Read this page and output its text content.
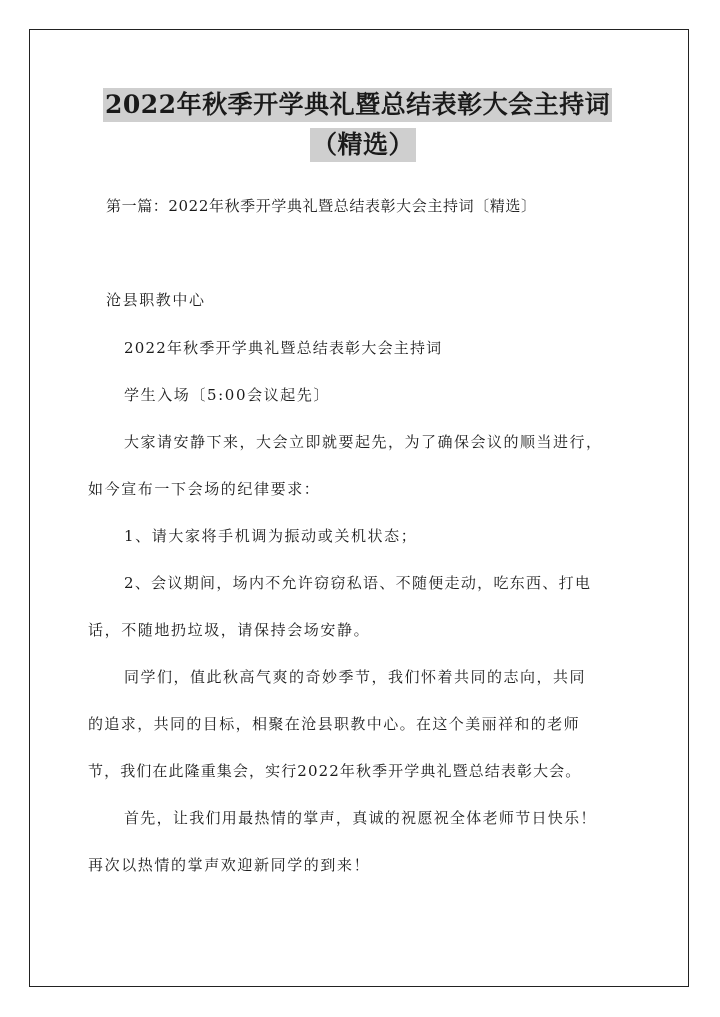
2022年秋季开学典礼暨总结表彰大会主持词
（精选）
第一篇：2022年秋季开学典礼暨总结表彰大会主持词〔精选〕
沧县职教中心
2022年秋季开学典礼暨总结表彰大会主持词
学生入场〔5:00会议起先〕
大家请安静下来，大会立即就要起先，为了确保会议的顺当进行，
如今宣布一下会场的纪律要求：
1、请大家将手机调为振动或关机状态；
2、会议期间，场内不允许窃窃私语、不随便走动，吃东西、打电
话，不随地扔垃圾，请保持会场安静。
同学们，值此秋高气爽的奇妙季节，我们怀着共同的志向，共同
的追求，共同的目标，相聚在沧县职教中心。在这个美丽祥和的老师
节，我们在此隆重集会，实行2022年秋季开学典礼暨总结表彰大会。
首先，让我们用最热情的掌声，真诚的祝愿祝全体老师节日快乐！
再次以热情的掌声欢迎新同学的到来！
